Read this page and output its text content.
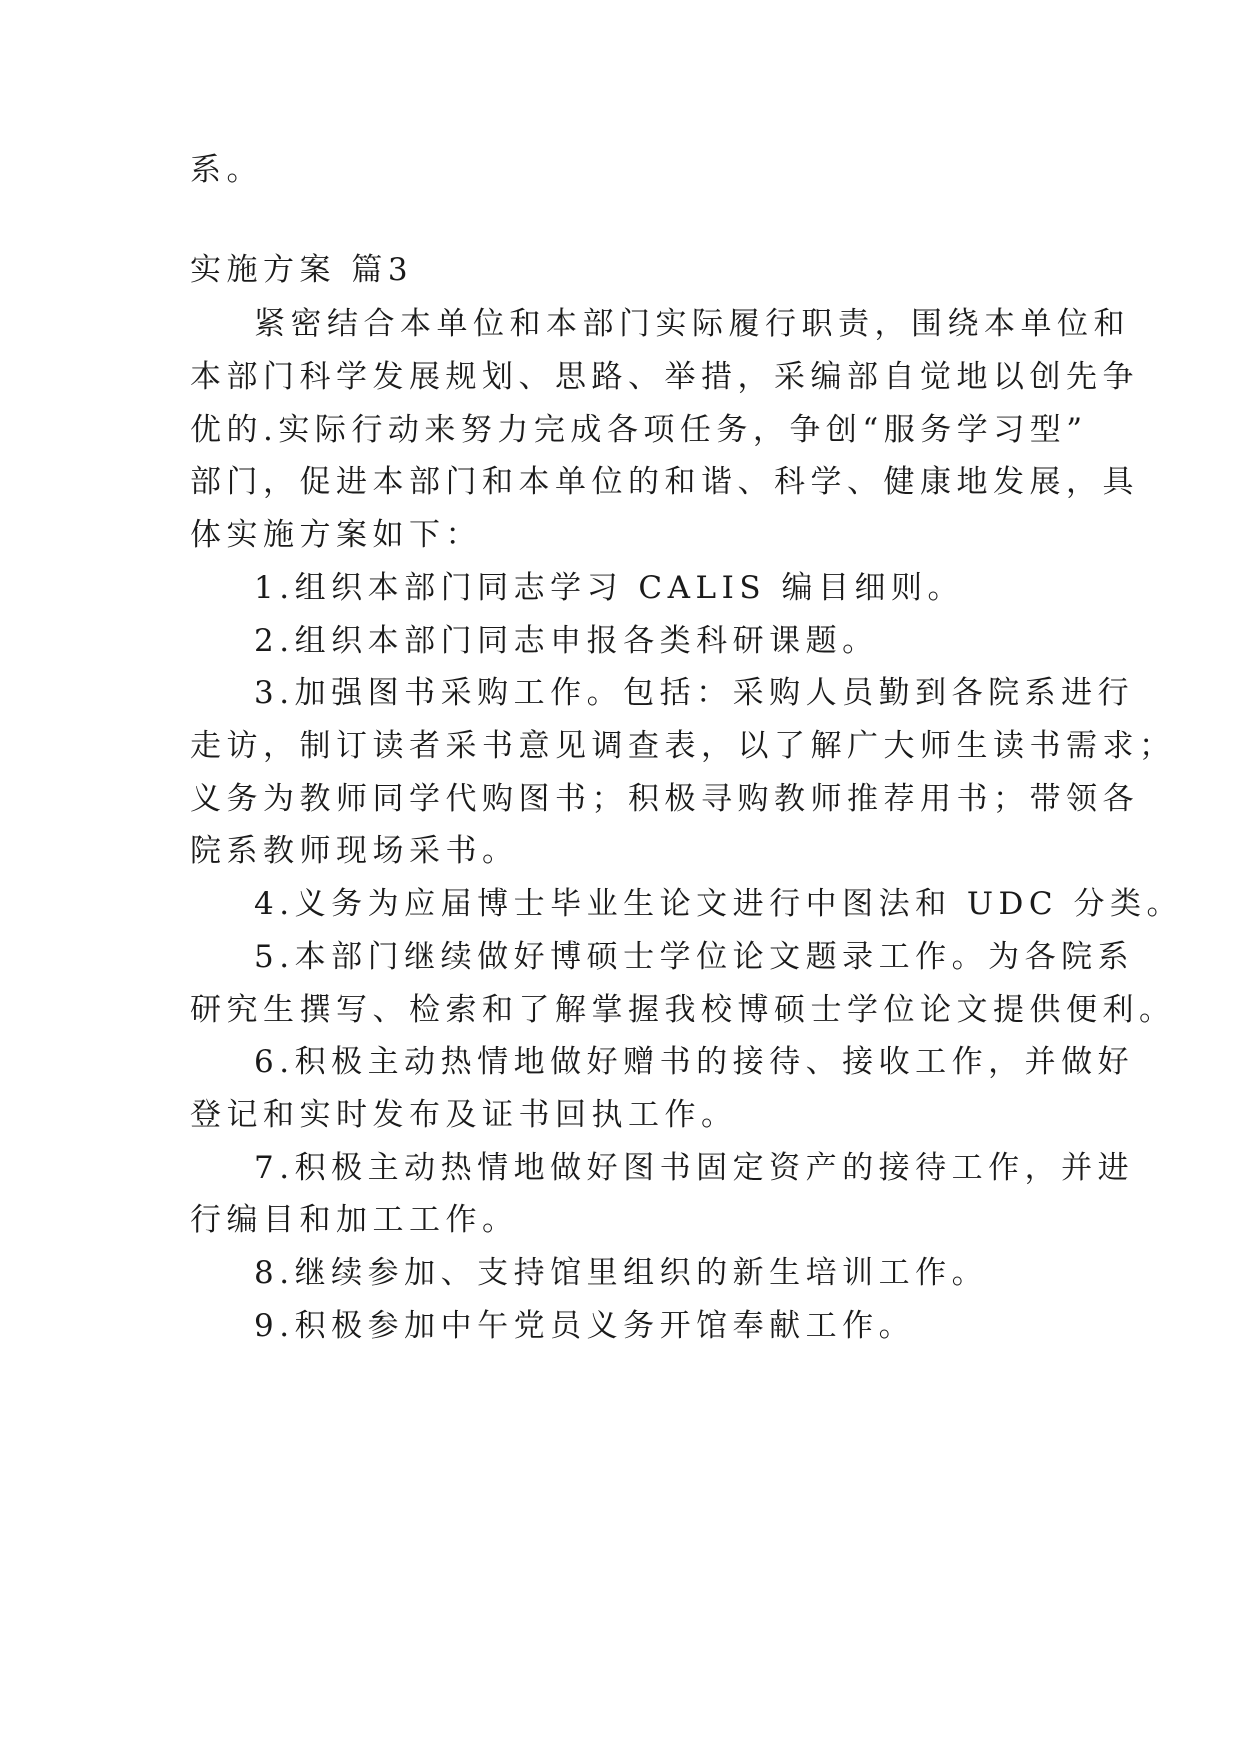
系。
实施方案 篇3
紧密结合本单位和本部门实际履行职责，围绕本单位和
本部门科学发展规划、思路、举措，采编部自觉地以创先争
优的.实际行动来努力完成各项任务，争创“服务学习型”
部门，促进本部门和本单位的和谐、科学、健康地发展，具
体实施方案如下：
1.组织本部门同志学习 CALIS 编目细则。
2.组织本部门同志申报各类科研课题。
3.加强图书采购工作。包括：采购人员勤到各院系进行
走访，制订读者采书意见调查表，以了解广大师生读书需求；
义务为教师同学代购图书；积极寻购教师推荐用书；带领各
院系教师现场采书。
4.义务为应届博士毕业生论文进行中图法和 UDC 分类。
5.本部门继续做好博硕士学位论文题录工作。为各院系
研究生撰写、检索和了解掌握我校博硕士学位论文提供便利。
6.积极主动热情地做好赠书的接待、接收工作，并做好
登记和实时发布及证书回执工作。
7.积极主动热情地做好图书固定资产的接待工作，并进
行编目和加工工作。
8.继续参加、支持馆里组织的新生培训工作。
9.积极参加中午党员义务开馆奉献工作。
